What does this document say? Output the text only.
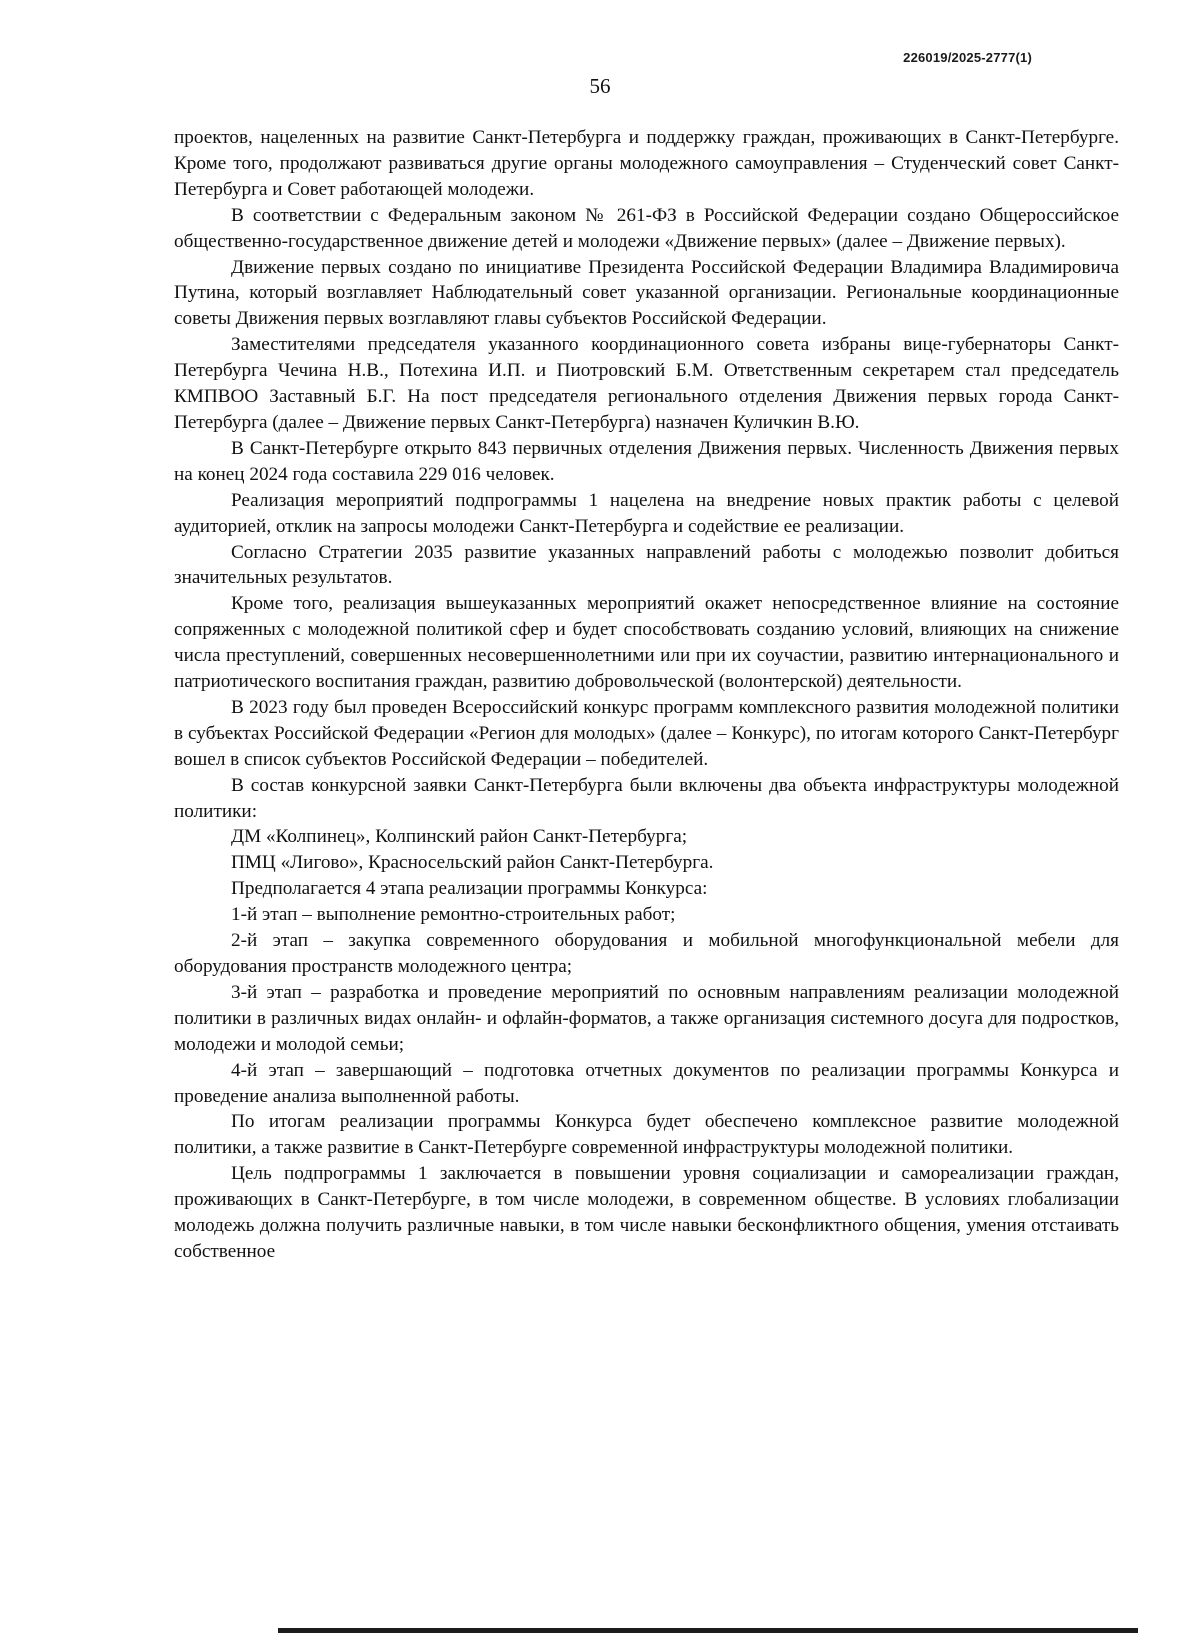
226019/2025-2777(1)
56

проектов, нацеленных на развитие Санкт-Петербурга и поддержку граждан, проживающих в Санкт-Петербурге. Кроме того, продолжают развиваться другие органы молодежного самоуправления – Студенческий совет Санкт-Петербурга и Совет работающей молодежи.

В соответствии с Федеральным законом № 261-ФЗ в Российской Федерации создано Общероссийское общественно-государственное движение детей и молодежи «Движение первых» (далее – Движение первых).

Движение первых создано по инициативе Президента Российской Федерации Владимира Владимировича Путина, который возглавляет Наблюдательный совет указанной организации. Региональные координационные советы Движения первых возглавляют главы субъектов Российской Федерации.

Заместителями председателя указанного координационного совета избраны вице-губернаторы Санкт-Петербурга Чечина Н.В., Потехина И.П. и Пиотровский Б.М. Ответственным секретарем стал председатель КМПВОО Заставный Б.Г. На пост председателя регионального отделения Движения первых города Санкт-Петербурга (далее – Движение первых Санкт-Петербурга) назначен Куличкин В.Ю.

В Санкт-Петербурге открыто 843 первичных отделения Движения первых. Численность Движения первых на конец 2024 года составила 229 016 человек.

Реализация мероприятий подпрограммы 1 нацелена на внедрение новых практик работы с целевой аудиторией, отклик на запросы молодежи Санкт-Петербурга и содействие ее реализации.

Согласно Стратегии 2035 развитие указанных направлений работы с молодежью позволит добиться значительных результатов.

Кроме того, реализация вышеуказанных мероприятий окажет непосредственное влияние на состояние сопряженных с молодежной политикой сфер и будет способствовать созданию условий, влияющих на снижение числа преступлений, совершенных несовершеннолетними или при их соучастии, развитию интернационального и патриотического воспитания граждан, развитию добровольческой (волонтерской) деятельности.

В 2023 году был проведен Всероссийский конкурс программ комплексного развития молодежной политики в субъектах Российской Федерации «Регион для молодых» (далее – Конкурс), по итогам которого Санкт-Петербург вошел в список субъектов Российской Федерации – победителей.

В состав конкурсной заявки Санкт-Петербурга были включены два объекта инфраструктуры молодежной политики:

ДМ «Колпинец», Колпинский район Санкт-Петербурга;

ПМЦ «Лигово», Красносельский район Санкт-Петербурга.

Предполагается 4 этапа реализации программы Конкурса:

1-й этап – выполнение ремонтно-строительных работ;

2-й этап – закупка современного оборудования и мобильной многофункциональной мебели для оборудования пространств молодежного центра;

3-й этап – разработка и проведение мероприятий по основным направлениям реализации молодежной политики в различных видах онлайн- и офлайн-форматов, а также организация системного досуга для подростков, молодежи и молодой семьи;

4-й этап – завершающий – подготовка отчетных документов по реализации программы Конкурса и проведение анализа выполненной работы.

По итогам реализации программы Конкурса будет обеспечено комплексное развитие молодежной политики, а также развитие в Санкт-Петербурге современной инфраструктуры молодежной политики.

Цель подпрограммы 1 заключается в повышении уровня социализации и самореализации граждан, проживающих в Санкт-Петербурге, в том числе молодежи, в современном обществе. В условиях глобализации молодежь должна получить различные навыки, в том числе навыки бесконфликтного общения, умения отстаивать собственное
